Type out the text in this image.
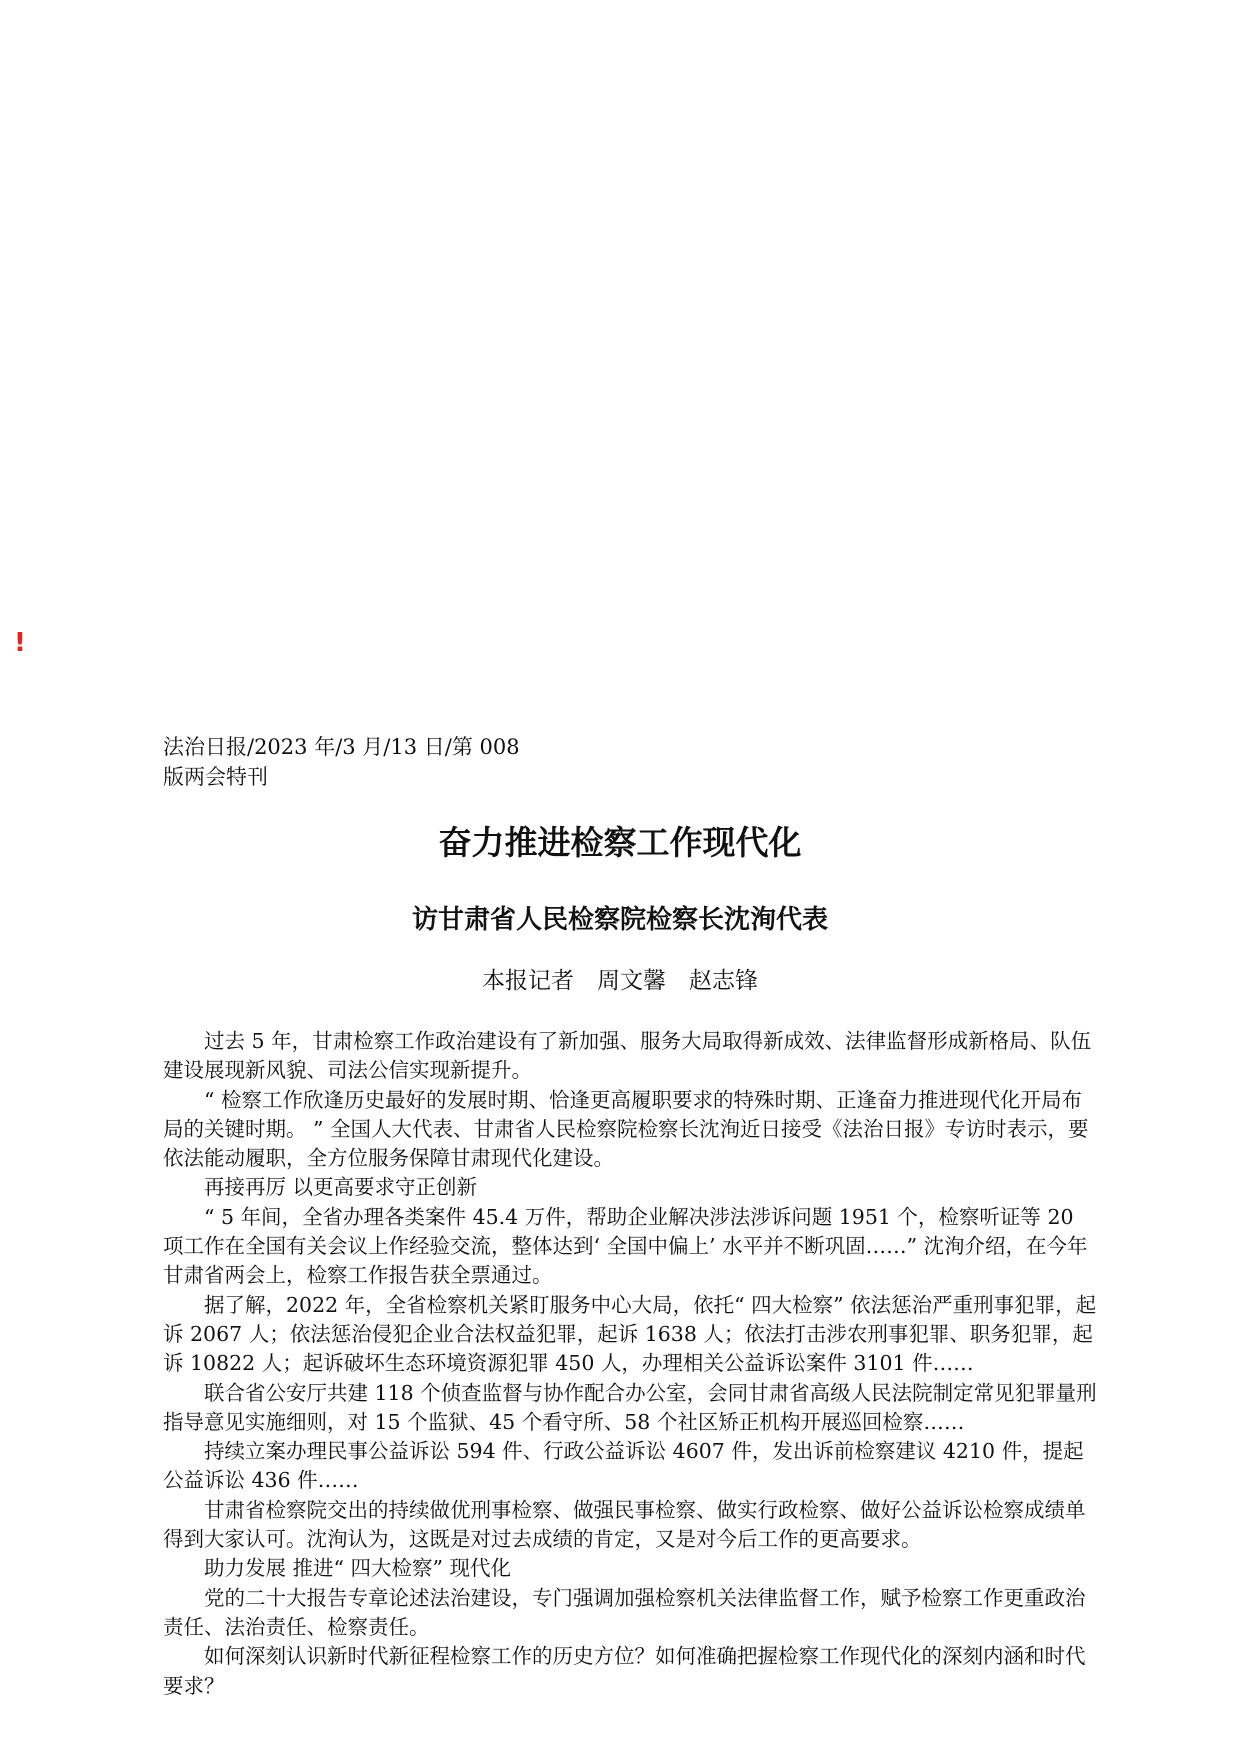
!
法治日报/2023 年/3 月/13 日/第 008 版两会特刊
奋力推进检察工作现代化
访甘肃省人民检察院检察长沈洵代表
本报记者　周文馨　赵志锋

过去 5 年，甘肃检察工作政治建设有了新加强、服务大局取得新成效、法律监督形成新格局、队伍建设展现新风貌、司法公信实现新提升。

“ 检察工作欣逢历史最好的发展时期、恰逢更高履职要求的特殊时期、正逢奋力推进现代化开局布局的关键时期。 ” 全国人大代表、甘肃省人民检察院检察长沈洵近日接受《法治日报》专访时表示，要依法能动履职，全方位服务保障甘肃现代化建设。

再接再厉 以更高要求守正创新

“ 5 年间，全省办理各类案件 45.4 万件，帮助企业解决涉法涉诉问题 1951 个，检察听证等 20 项工作在全国有关会议上作经验交流，整体达到‘ 全国中偏上’ 水平并不断巩固……” 沈洵介绍，在今年甘肃省两会上，检察工作报告获全票通过。

据了解，2022 年，全省检察机关紧盯服务中心大局，依托“ 四大检察” 依法惩治严重刑事犯罪，起诉 2067 人；依法惩治侵犯企业合法权益犯罪，起诉 1638 人；依法打击涉农刑事犯罪、职务犯罪，起诉 10822 人；起诉破坏生态环境资源犯罪 450 人，办理相关公益诉讼案件 3101 件……

联合省公安厅共建 118 个侦查监督与协作配合办公室，会同甘肃省高级人民法院制定常见犯罪量刑指导意见实施细则，对 15 个监狱、45 个看守所、58 个社区矫正机构开展巡回检察……

持续立案办理民事公益诉讼 594 件、行政公益诉讼 4607 件，发出诉前检察建议 4210 件，提起公益诉讼 436 件……

甘肃省检察院交出的持续做优刑事检察、做强民事检察、做实行政检察、做好公益诉讼检察成绩单得到大家认可。沈洵认为，这既是对过去成绩的肯定，又是对今后工作的更高要求。

助力发展 推进“ 四大检察” 现代化

党的二十大报告专章论述法治建设，专门强调加强检察机关法律监督工作，赋予检察工作更重政治责任、法治责任、检察责任。

如何深刻认识新时代新征程检察工作的历史方位？如何准确把握检察工作现代化的深刻内涵和时代要求？
